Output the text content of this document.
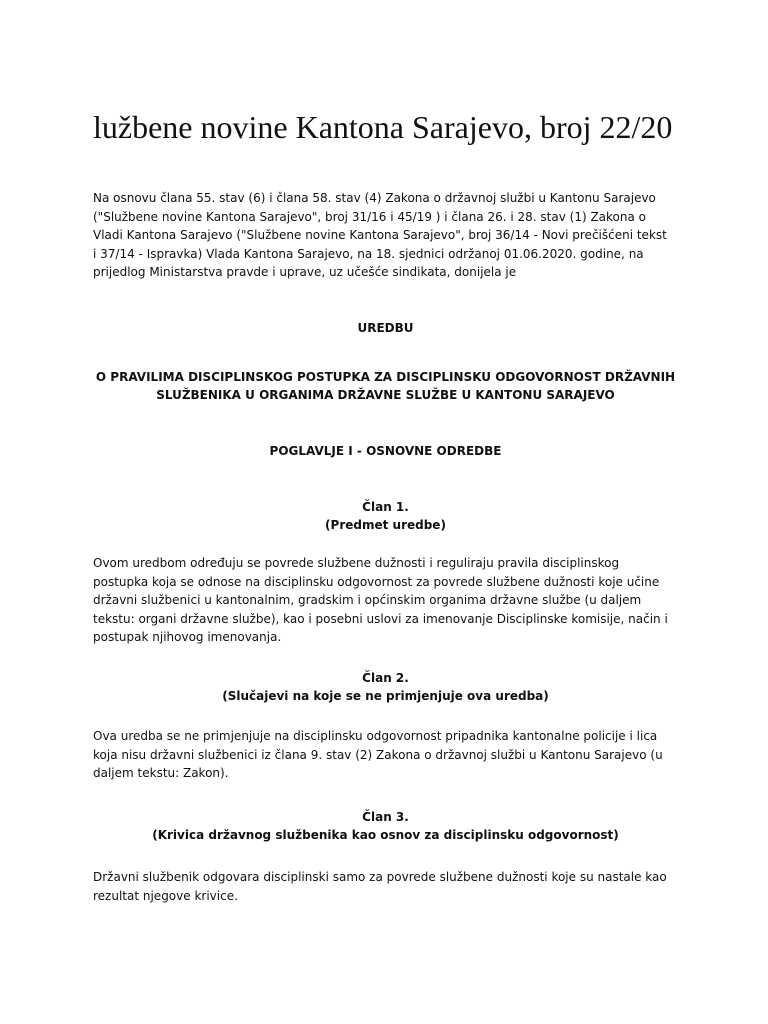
lužbene novine Kantona Sarajevo, broj 22/20

Na osnovu člana 55. stav (6) i člana 58. stav (4) Zakona o državnoj službi u Kantonu Sarajevo ("Službene novine Kantona Sarajevo", broj 31/16 i 45/19 ) i člana 26. i 28. stav (1) Zakona o Vladi Kantona Sarajevo ("Službene novine Kantona Sarajevo", broj 36/14 - Novi prečišćeni tekst i 37/14 - Ispravka) Vlada Kantona Sarajevo, na 18. sjednici održanoj 01.06.2020. godine, na prijedlog Ministarstva pravde i uprave, uz učešće sindikata, donijela je

UREDBU

O PRAVILIMA DISCIPLINSKOG POSTUPKA ZA DISCIPLINSKU ODGOVORNOST DRŽAVNIH
SLUŽBENIKA U ORGANIMA DRŽAVNE SLUŽBE U KANTONU SARAJEVO

POGLAVLJE I - OSNOVNE ODREDBE

Član 1.

(Predmet uredbe)

Ovom uredbom određuju se povrede službene dužnosti i reguliraju pravila disciplinskog postupka koja se odnose na disciplinsku odgovornost za povrede službene dužnosti koje učine državni službenici u kantonalnim, gradskim i općinskim organima državne službe (u daljem tekstu: organi državne službe), kao i posebni uslovi za imenovanje Disciplinske komisije, način i postupak njihovog imenovanja.

Član 2.

(Slučajevi na koje se ne primjenjuje ova uredba)

Ova uredba se ne primjenjuje na disciplinsku odgovornost pripadnika kantonalne policije i lica koja nisu državni službenici iz člana 9. stav (2) Zakona o državnoj službi u Kantonu Sarajevo (u daljem tekstu: Zakon).

Član 3.

(Krivica državnog službenika kao osnov za disciplinsku odgovornost)

Državni službenik odgovara disciplinski samo za povrede službene dužnosti koje su nastale kao rezultat njegove krivice.
